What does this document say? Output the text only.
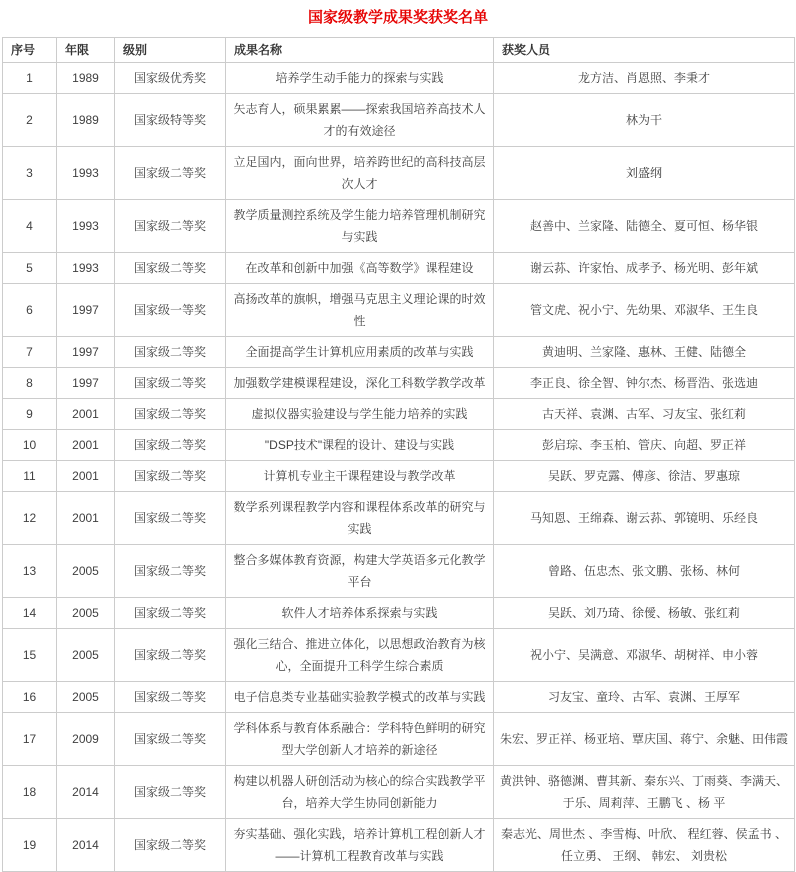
国家级教学成果奖获奖名单
序号	年限	级别	成果名称	获奖人员
1	1989	国家级优秀奖	培养学生动手能力的探索与实践	龙方洁、肖恩照、李秉才
2	1989	国家级特等奖	矢志育人，硕果累累——探索我国培养高技术人才的有效途径	林为干
3	1993	国家级二等奖	立足国内，面向世界，培养跨世纪的高科技高层次人才	刘盛纲
4	1993	国家级二等奖	教学质量测控系统及学生能力培养管理机制研究与实践	赵善中、兰家隆、陆德全、夏可恒、杨华银
5	1993	国家级二等奖	在改革和创新中加强《高等数学》课程建设	谢云荪、许家怡、成孝予、杨光明、彭年斌
6	1997	国家级一等奖	高扬改革的旗帜，增强马克思主义理论课的时效性	管文虎、祝小宁、先幼果、邓淑华、王生良
7	1997	国家级二等奖	全面提高学生计算机应用素质的改革与实践	黄迪明、兰家隆、惠林、王健、陆德全
8	1997	国家级二等奖	加强数学建模课程建设，深化工科数学教学改革	李正良、徐全智、钟尔杰、杨晋浩、张选迪
9	2001	国家级二等奖	虚拟仪器实验建设与学生能力培养的实践	古天祥、袁渊、古军、习友宝、张红莉
10	2001	国家级二等奖	"DSP技术"课程的设计、建设与实践	彭启琮、李玉柏、管庆、向超、罗正祥
11	2001	国家级二等奖	计算机专业主干课程建设与教学改革	吴跃、罗克露、傅彦、徐洁、罗惠琼
12	2001	国家级二等奖	数学系列课程教学内容和课程体系改革的研究与实践	马知恩、王绵森、谢云荪、郭镜明、乐经良
13	2005	国家级二等奖	整合多媒体教育资源，构建大学英语多元化教学平台	曾路、伍忠杰、张文鹏、张杨、林何
14	2005	国家级二等奖	软件人才培养体系探索与实践	吴跃、刘乃琦、徐僾、杨敏、张红莉
15	2005	国家级二等奖	强化三结合、推进立体化，以思想政治教育为核心，全面提升工科学生综合素质	祝小宁、吴满意、邓淑华、胡树祥、申小蓉
16	2005	国家级二等奖	电子信息类专业基础实验教学模式的改革与实践	习友宝、童玲、古军、袁渊、王厚军
17	2009	国家级二等奖	学科体系与教育体系融合：学科特色鲜明的研究型大学创新人才培养的新途径	朱宏、罗正祥、杨亚培、覃庆国、蒋宁、余魅、田伟霞
18	2014	国家级二等奖	构建以机器人研创活动为核心的综合实践教学平台，培养大学生协同创新能力	黄洪钟、骆德渊、曹其新、秦东兴、丁雨葵、李满天、于乐、周莉萍、王鹏飞 、杨 平
19	2014	国家级二等奖	夯实基础、强化实践，培养计算机工程创新人才——计算机工程教育改革与实践	秦志光、周世杰 、李雪梅、叶欣、 程红蓉、侯孟书 、任立勇、 王纲、 韩宏、 刘贵松
